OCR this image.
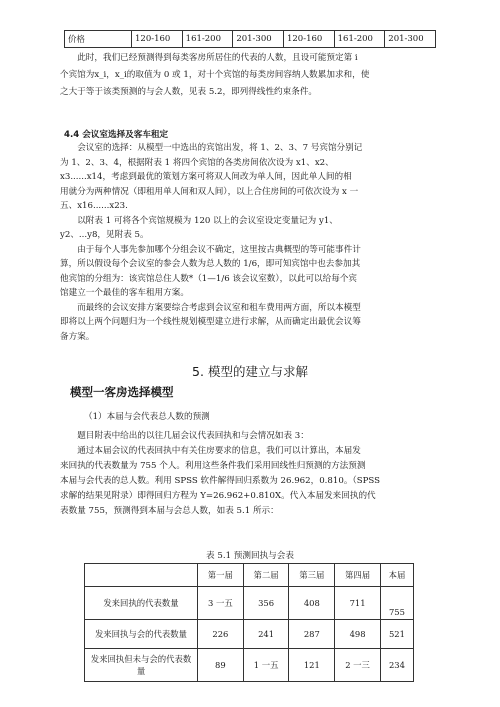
价格	120-160	161-200	201-300	120-160	161-200	201-300

此时，我们已经预测得到每类客房所居住的代表的人数，且设可能预定第 i

个宾馆为x_i，x_i的取值为 0 或 1，对十个宾馆的每类房间容纳人数累加求和，使
之大于等于该类预测的与会人数，见表 5.2，即列得线性约束条件。
4.4 会议室选择及客车租定

会议室的选择：从模型一中选出的宾馆出发，将 1、2、3、7 号宾馆分别记

为 1、2、3、4，根据附表 1 将四个宾馆的各类房间依次设为 x1、x2、
x3......x14，考虑到最优的策划方案可将双人间改为单人间，因此单人间的相
用就分为两种情况（即租用单人间和双人间），以上合住房间的可依次设为 x 一
五、x16......x23.

以附表 1 可将各个宾馆规模为 120 以上的会议室设定变量记为 y1、

y2、...y8，见附表 5。

由于每个人事先参加哪个分组会议不确定，这里按古典概型的等可能事件计

算，所以假设每个会议室的参会人数为总人数的 1/6，即可知宾馆中也去参加其
他宾馆的分组为：该宾馆总住人数*（1—1/6 该会议室数），以此可以给每个宾
馆建立一个最佳的客车租用方案。

而最终的会议安排方案要综合考虑到会议室和租车费用两方面，所以本模型

即将以上两个问题归为一个线性规划模型建立进行求解，从而确定出最优会议筹
备方案。
5. 模型的建立与求解
模型一客房选择模型
（1）本届与会代表总人数的预测

题目附表中给出的以往几届会议代表回执和与会情况如表 3：

通过本届会议的代表回执中有关住房要求的信息，我们可以计算出，本届发

来回执的代表数量为 755 个人。利用这些条件我们采用回线性归预测的方法预测
本届与会代表的总人数。利用 SPSS 软件解得回归系数为 26.962，0.810。（SPSS
求解的结果见附录）即得回归方程为 Y=26.962+0.810X。代入本届发来回执的代
表数量 755，预测得到本届与会总人数，如表 5.1 所示：
表 5.1 预测回执与会表
	第一届	第二届	第三届	第四届	本届
发来回执的代表数量	3 一五	356	408	711	755
发来回执与会的代表数量	226	241	287	498	521
发来回执但未与会的代表数量	89	1 一五	121	2 一三	234
